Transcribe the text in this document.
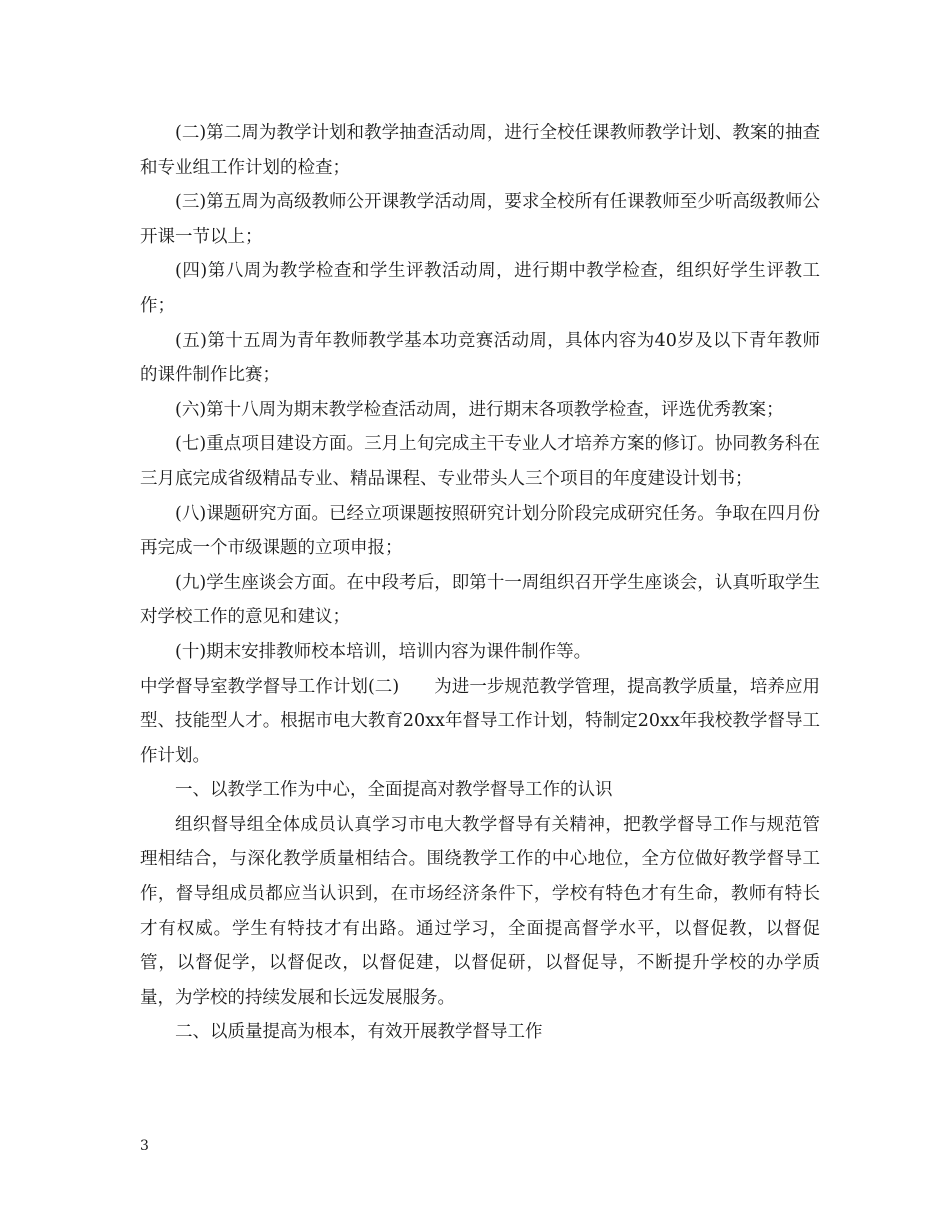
(二)第二周为教学计划和教学抽查活动周，进行全校任课教师教学计划、教案的抽查和专业组工作计划的检查；

(三)第五周为高级教师公开课教学活动周，要求全校所有任课教师至少听高级教师公开课一节以上；

(四)第八周为教学检查和学生评教活动周，进行期中教学检查，组织好学生评教工作；

(五)第十五周为青年教师教学基本功竞赛活动周，具体内容为40岁及以下青年教师的课件制作比赛；

(六)第十八周为期末教学检查活动周，进行期末各项教学检查，评选优秀教案；

(七)重点项目建设方面。三月上旬完成主干专业人才培养方案的修订。协同教务科在三月底完成省级精品专业、精品课程、专业带头人三个项目的年度建设计划书；

(八)课题研究方面。已经立项课题按照研究计划分阶段完成研究任务。争取在四月份再完成一个市级课题的立项申报；

(九)学生座谈会方面。在中段考后，即第十一周组织召开学生座谈会，认真听取学生对学校工作的意见和建议；

(十)期末安排教师校本培训，培训内容为课件制作等。

中学督导室教学督导工作计划(二)　　为进一步规范教学管理，提高教学质量，培养应用型、技能型人才。根据市电大教育20xx年督导工作计划，特制定20xx年我校教学督导工作计划。

一、以教学工作为中心，全面提高对教学督导工作的认识

组织督导组全体成员认真学习市电大教学督导有关精神，把教学督导工作与规范管理相结合，与深化教学质量相结合。围绕教学工作的中心地位，全方位做好教学督导工作，督导组成员都应当认识到，在市场经济条件下，学校有特色才有生命，教师有特长才有权威。学生有特技才有出路。通过学习，全面提高督学水平，以督促教，以督促管，以督促学，以督促改，以督促建，以督促研，以督促导，不断提升学校的办学质量，为学校的持续发展和长远发展服务。

二、以质量提高为根本，有效开展教学督导工作

3
